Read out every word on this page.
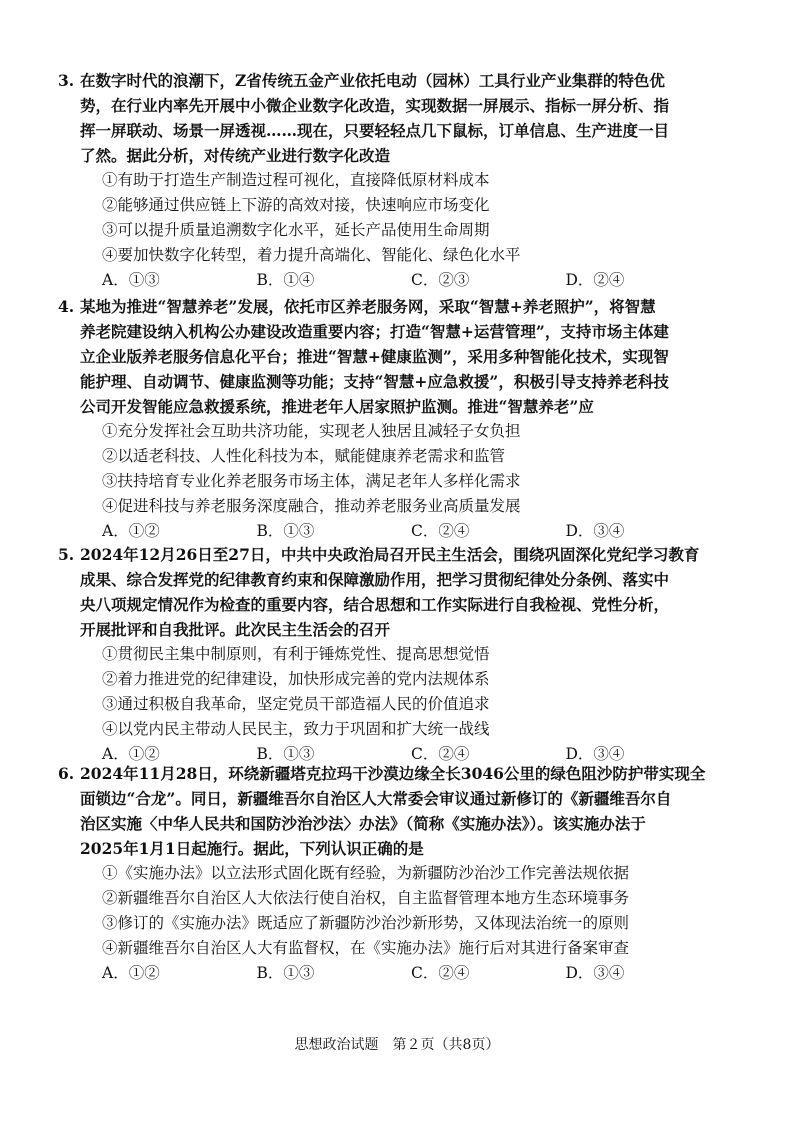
3. 在数字时代的浪潮下，Z省传统五金产业依托电动（园林）工具行业产业集群的特色优
势，在行业内率先开展中小微企业数字化改造，实现数据一屏展示、指标一屏分析、指
挥一屏联动、场景一屏透视……现在，只要轻轻点几下鼠标，订单信息、生产进度一目
了然。据此分析，对传统产业进行数字化改造
①有助于打造生产制造过程可视化，直接降低原材料成本
②能够通过供应链上下游的高效对接，快速响应市场变化
③可以提升质量追溯数字化水平，延长产品使用生命周期
④要加快数字化转型，着力提升高端化、智能化、绿色化水平
A．①③	B．①④	C．②③	D．②④
4. 某地为推进“智慧养老”发展，依托市区养老服务网，采取“智慧+养老照护”，将智慧
养老院建设纳入机构公办建设改造重要内容；打造“智慧+运营管理”，支持市场主体建
立企业版养老服务信息化平台；推进“智慧+健康监测”，采用多种智能化技术，实现智
能护理、自动调节、健康监测等功能；支持“智慧+应急救援”，积极引导支持养老科技
公司开发智能应急救援系统，推进老年人居家照护监测。推进“智慧养老”应
①充分发挥社会互助共济功能，实现老人独居且减轻子女负担
②以适老科技、人性化科技为本，赋能健康养老需求和监管
③扶持培育专业化养老服务市场主体，满足老年人多样化需求
④促进科技与养老服务深度融合，推动养老服务业高质量发展
A．①②	B．①③	C．②④	D．③④
5. 2024年12月26日至27日，中共中央政治局召开民主生活会，围绕巩固深化党纪学习教育
成果、综合发挥党的纪律教育约束和保障激励作用，把学习贯彻纪律处分条例、落实中
央八项规定情况作为检查的重要内容，结合思想和工作实际进行自我检视、党性分析，
开展批评和自我批评。此次民主生活会的召开
①贯彻民主集中制原则，有利于锤炼党性、提高思想觉悟
②着力推进党的纪律建设，加快形成完善的党内法规体系
③通过积极自我革命，坚定党员干部造福人民的价值追求
④以党内民主带动人民民主，致力于巩固和扩大统一战线
A．①②	B．①③	C．②④	D．③④
6. 2024年11月28日，环绕新疆塔克拉玛干沙漠边缘全长3046公里的绿色阻沙防护带实现全
面锁边“合龙”。同日，新疆维吾尔自治区人大常委会审议通过新修订的《新疆维吾尔自
治区实施〈中华人民共和国防沙治沙法〉办法》（简称《实施办法》）。该实施办法于
2025年1月1日起施行。据此，下列认识正确的是
①《实施办法》以立法形式固化既有经验，为新疆防沙治沙工作完善法规依据
②新疆维吾尔自治区人大依法行使自治权，自主监督管理本地方生态环境事务
③修订的《实施办法》既适应了新疆防沙治沙新形势，又体现法治统一的原则
④新疆维吾尔自治区人大有监督权，在《实施办法》施行后对其进行备案审查
A．①②	B．①③	C．②④	D．③④
思想政治试题　第２页（共8页）
